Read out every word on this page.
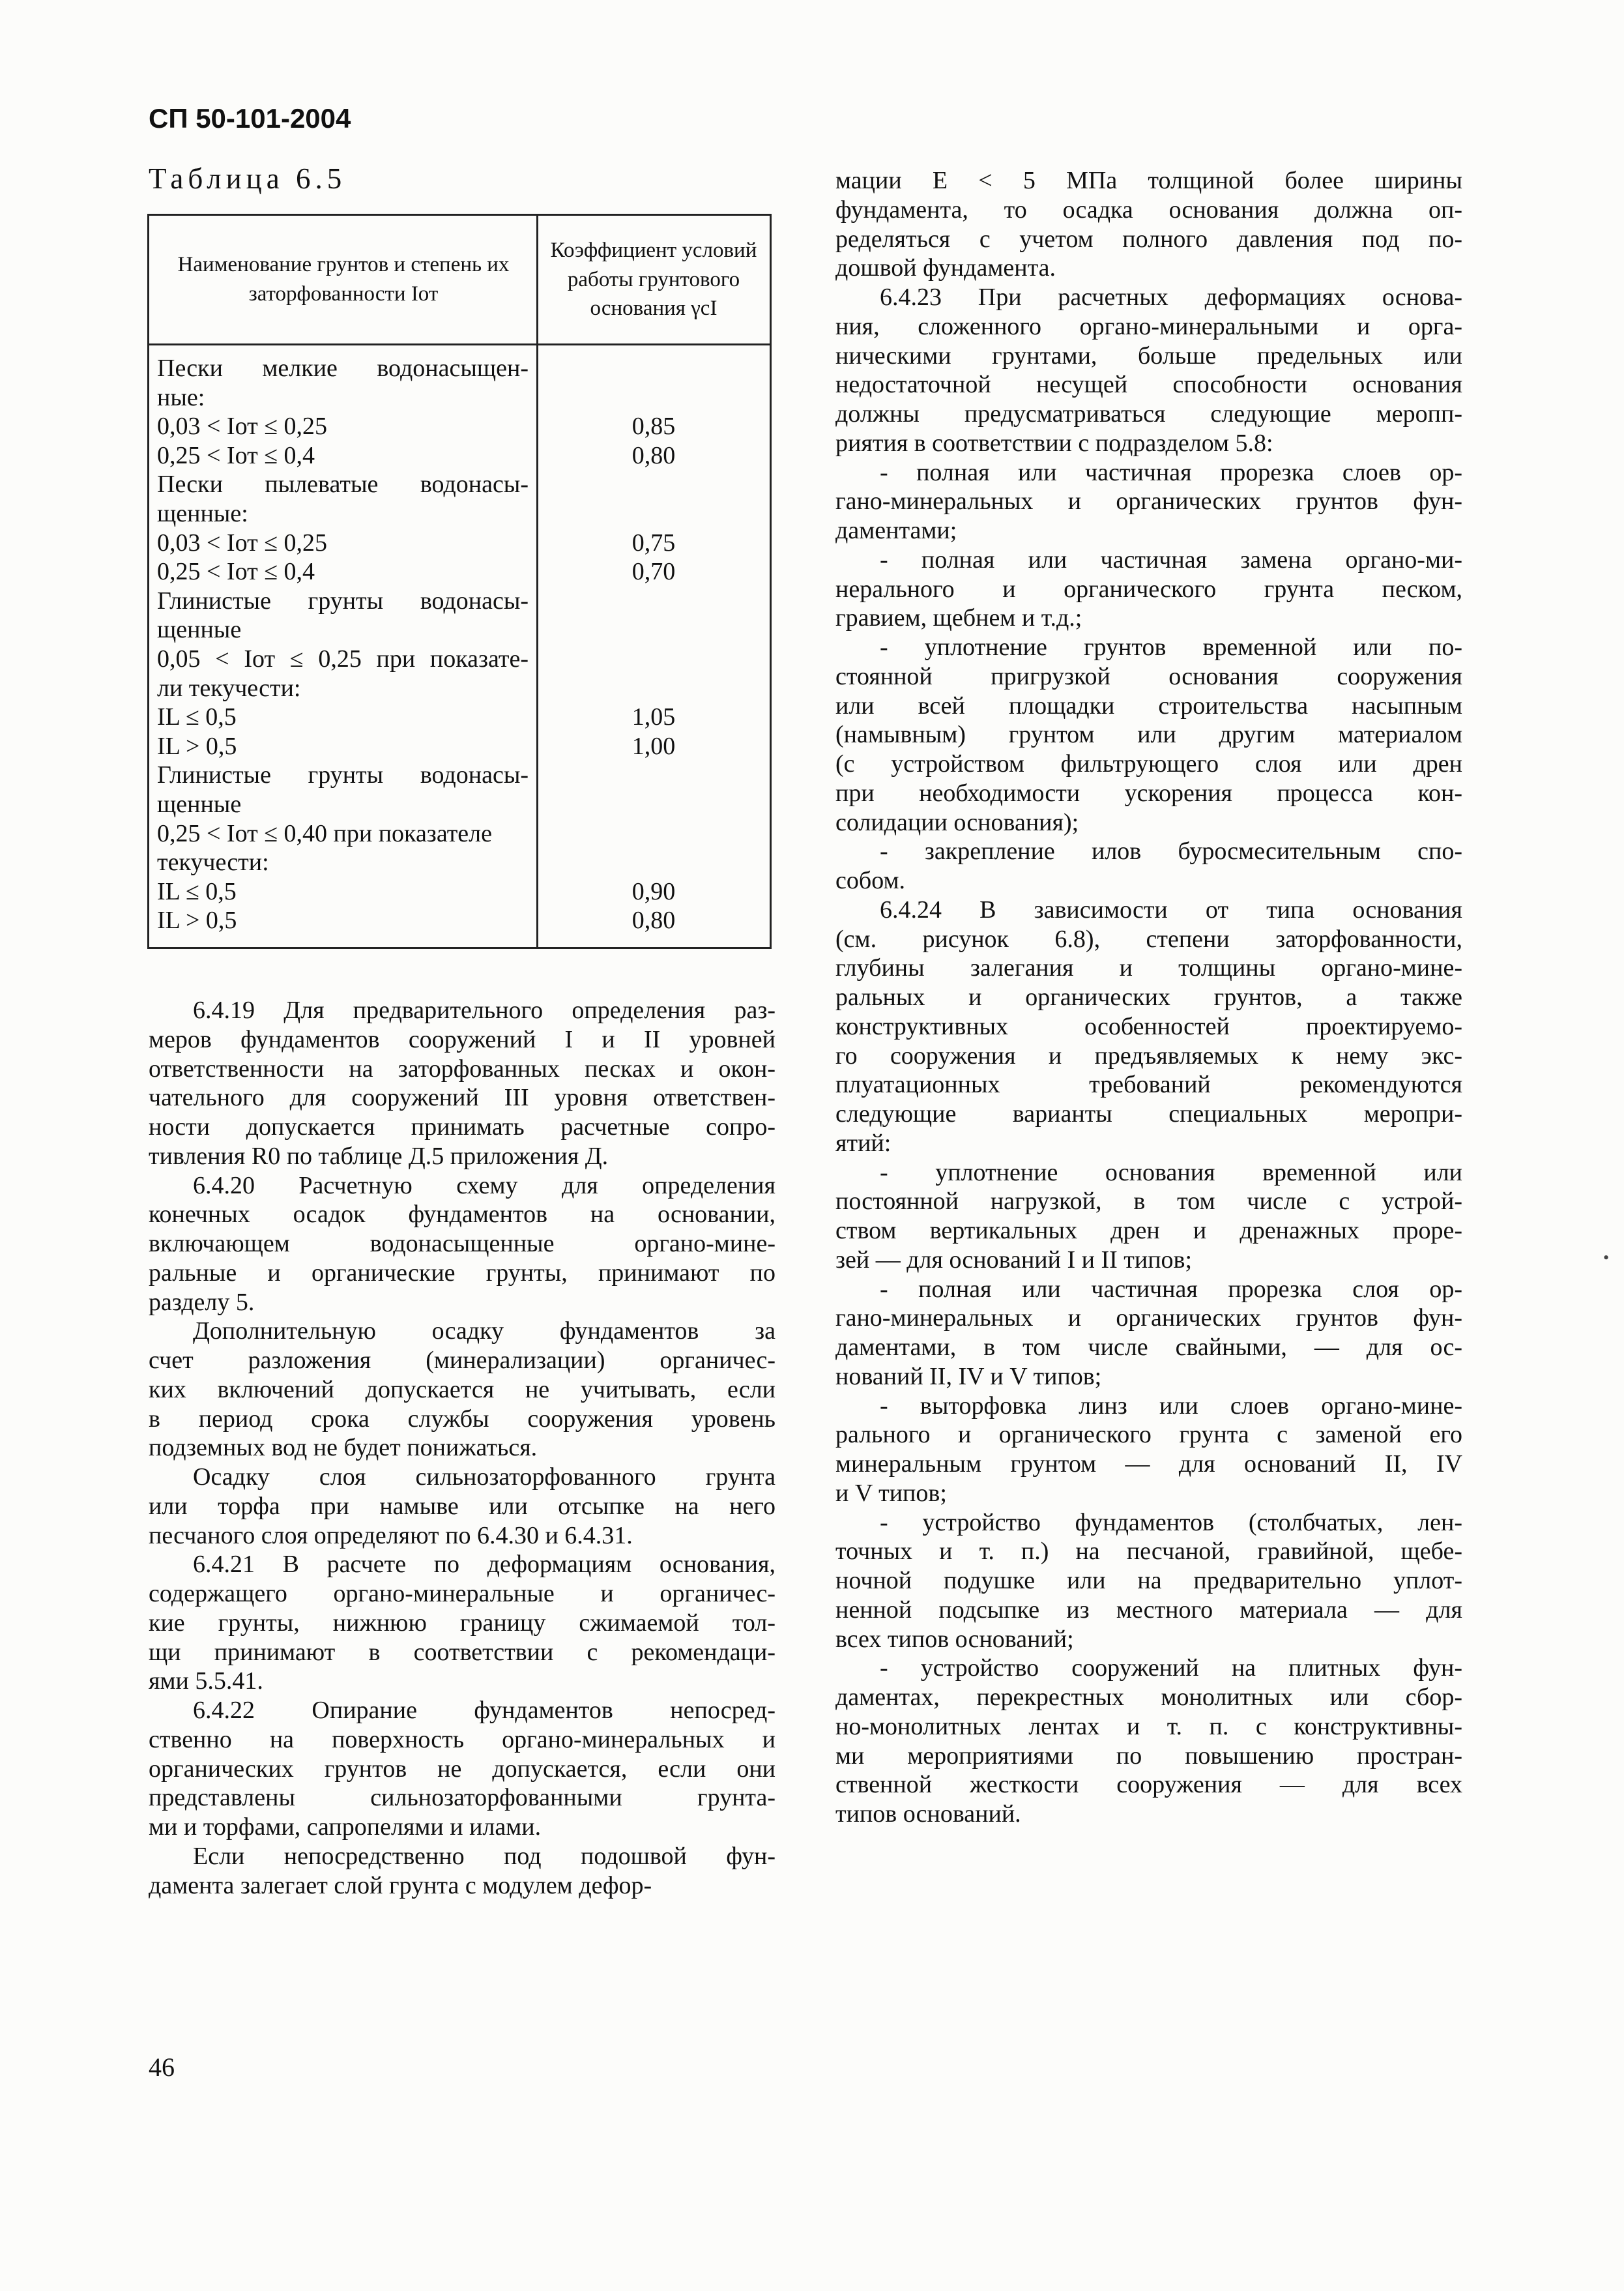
СП 50-101-2004
Таблица 6.5
Наименование грунтов и степень их заторфованности Iот
Коэффициент условий работы грунтового основания γcI
Пески мелкие водонасыщен-
ные:
0,03 < Iот ≤ 0,25	0,85
0,25 < Iот ≤ 0,4	0,80
Пески пылеватые водонасы-
щенные:
0,03 < Iот ≤ 0,25	0,75
0,25 < Iот ≤ 0,4	0,70
Глинистые грунты водонасы-
щенные
0,05 < Iот ≤ 0,25 при показате-
ли текучести:
IL ≤ 0,5	1,05
IL > 0,5	1,00
Глинистые грунты водонасы-
щенные
0,25 < Iот ≤ 0,40 при показателе
текучести:
IL ≤ 0,5	0,90
IL > 0,5	0,80
6.4.19 Для предварительного определения раз-
меров фундаментов сооружений I и II уровней
ответственности на заторфованных песках и окон-
чательного для сооружений III уровня ответствен-
ности допускается принимать расчетные сопро-
тивления R0 по таблице Д.5 приложения Д.
6.4.20 Расчетную схему для определения
конечных осадок фундаментов на основании,
включающем водонасыщенные органо-мине-
ральные и органические грунты, принимают по
разделу 5.
Дополнительную осадку фундаментов за
счет разложения (минерализации) органичес-
ких включений допускается не учитывать, если
в период срока службы сооружения уровень
подземных вод не будет понижаться.
Осадку слоя сильнозаторфованного грунта
или торфа при намыве или отсыпке на него
песчаного слоя определяют по 6.4.30 и 6.4.31.
6.4.21 В расчете по деформациям основания,
содержащего органо-минеральные и органичес-
кие грунты, нижнюю границу сжимаемой тол-
щи принимают в соответствии с рекомендаци-
ями 5.5.41.
6.4.22 Опирание фундаментов непосред-
ственно на поверхность органо-минеральных и
органических грунтов не допускается, если они
представлены сильнозаторфованными грунта-
ми и торфами, сапропелями и илами.
Если непосредственно под подошвой фун-
дамента залегает слой грунта с модулем дефор-
мации E < 5 МПа толщиной более ширины
фундамента, то осадка основания должна оп-
ределяться с учетом полного давления под по-
дошвой фундамента.
6.4.23 При расчетных деформациях основа-
ния, сложенного органо-минеральными и орга-
ническими грунтами, больше предельных или
недостаточной несущей способности основания
должны предусматриваться следующие меропп-
риятия в соответствии с подразделом 5.8:
- полная или частичная прорезка слоев ор-
гано-минеральных и органических грунтов фун-
даментами;
- полная или частичная замена органо-ми-
нерального и органического грунта песком,
гравием, щебнем и т.д.;
- уплотнение грунтов временной или по-
стоянной пригрузкой основания сооружения
или всей площадки строительства насыпным
(намывным) грунтом или другим материалом
(с устройством фильтрующего слоя или дрен
при необходимости ускорения процесса кон-
солидации основания);
- закрепление илов буросмесительным спо-
собом.
6.4.24 В зависимости от типа основания
(см. рисунок 6.8), степени заторфованности,
глубины залегания и толщины органо-мине-
ральных и органических грунтов, а также
конструктивных особенностей проектируемо-
го сооружения и предъявляемых к нему экс-
плуатационных требований рекомендуются
следующие варианты специальных меропри-
ятий:
- уплотнение основания временной или
постоянной нагрузкой, в том числе с устрой-
ством вертикальных дрен и дренажных проре-
зей — для оснований I и II типов;
- полная или частичная прорезка слоя ор-
гано-минеральных и органических грунтов фун-
даментами, в том числе свайными, — для ос-
нований II, IV и V типов;
- выторфовка линз или слоев органо-мине-
рального и органического грунта с заменой его
минеральным грунтом — для оснований II, IV
и V типов;
- устройство фундаментов (столбчатых, лен-
точных и т. п.) на песчаной, гравийной, щебе-
ночной подушке или на предварительно уплот-
ненной подсыпке из местного материала — для
всех типов оснований;
- устройство сооружений на плитных фун-
даментах, перекрестных монолитных или сбор-
но-монолитных лентах и т. п. с конструктивны-
ми мероприятиями по повышению простран-
ственной жесткости сооружения — для всех
типов оснований.
46
•
